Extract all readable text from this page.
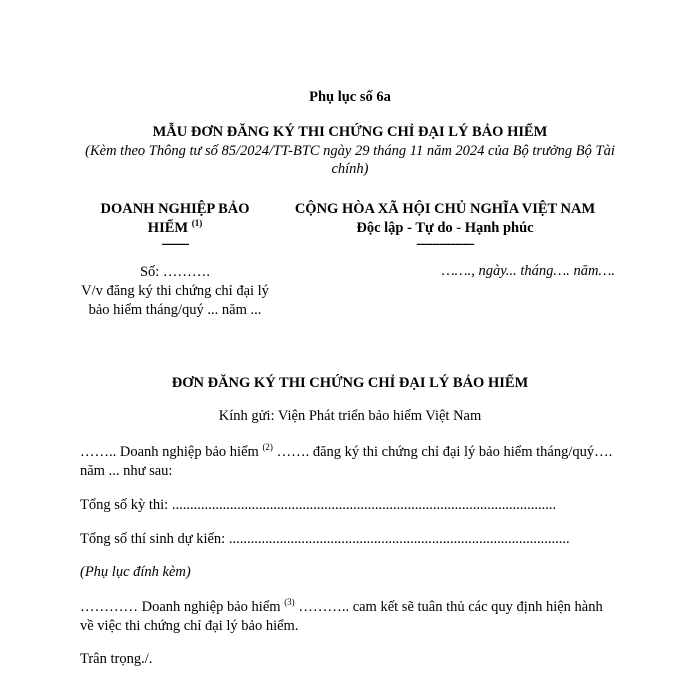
Phụ lục số 6a
MẪU ĐƠN ĐĂNG KÝ THI CHỨNG CHỈ ĐẠI LÝ BẢO HIỂM
(Kèm theo Thông tư số 85/2024/TT-BTC ngày 29 tháng 11 năm 2024 của Bộ trưởng Bộ Tài chính)
DOANH NGHIỆP BẢO HIỂM $^{(1)}$
-------
CỘNG HÒA XÃ HỘI CHỦ NGHĨA VIỆT NAM
Độc lập - Tự do - Hạnh phúc
---------------
Số: ……….
V/v đăng ký thi chứng chỉ đại lý bảo hiểm tháng/quý ... năm ...
……., ngày... tháng…. năm….
ĐƠN ĐĂNG KÝ THI CHỨNG CHỈ ĐẠI LÝ BẢO HIỂM
Kính gửi: Viện Phát triển bảo hiểm Việt Nam
…….. Doanh nghiệp bảo hiểm $^{(2)}$ ……. đăng ký thi chứng chỉ đại lý bảo hiểm tháng/quý…. năm ... như sau:
Tổng số kỳ thi: ..........................................................................................................
Tổng số thí sinh dự kiến: ..............................................................................................
(Phụ lục đính kèm)
………… Doanh nghiệp bảo hiểm $^{(3)}$ ……….. cam kết sẽ tuân thủ các quy định hiện hành về việc thi chứng chỉ đại lý bảo hiểm.
Trân trọng./.
